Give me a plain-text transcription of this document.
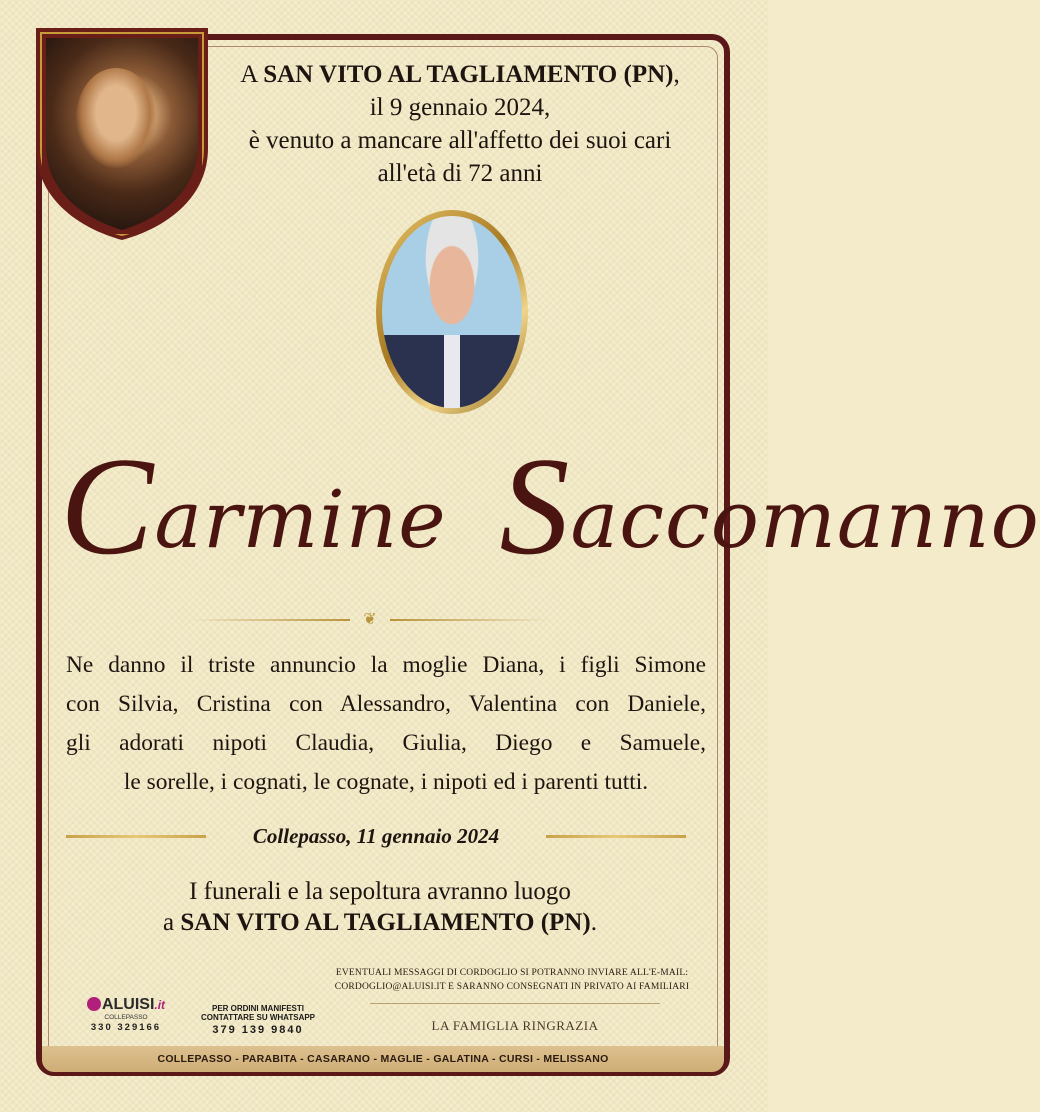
A SAN VITO AL TAGLIAMENTO (PN),
il 9 gennaio 2024,
è venuto a mancare all'affetto dei suoi cari
all'età di 72 anni
Carmine Saccomanno
❦

Ne danno il triste annuncio la moglie Diana, i figli Simone

con Silvia, Cristina con Alessandro, Valentina con Daniele,

gli adorati nipoti Claudia, Giulia, Diego e Samuele,

le sorelle, i cognati, le cognate, i nipoti ed i parenti tutti.

Collepasso, 11 gennaio 2024
I funerali e la sepoltura avranno luogo
a SAN VITO AL TAGLIAMENTO (PN).
EVENTUALI MESSAGGI DI CORDOGLIO SI POTRANNO INVIARE ALL'E-MAIL:
CORDOGLIO@ALUISI.IT E SARANNO CONSEGNATI IN PRIVATO AI FAMILIARI
LA FAMIGLIA RINGRAZIA
ALUISI.it
COLLEPASSO
330 329166
PER ORDINI MANIFESTI
CONTATTARE SU WHATSAPP
379 139 9840
COLLEPASSO - PARABITA - CASARANO - MAGLIE - GALATINA - CURSI - MELISSANO
